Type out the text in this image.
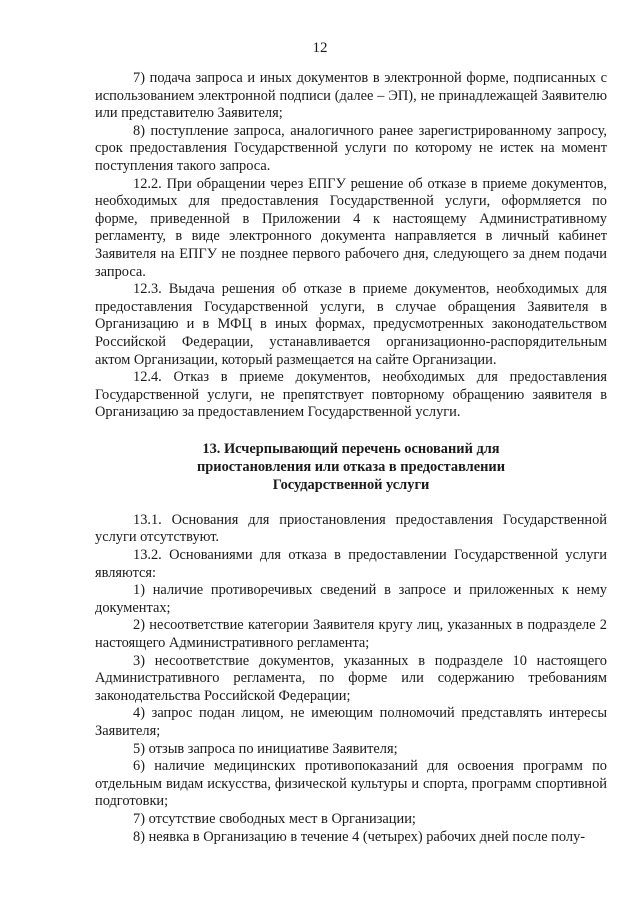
12

7) подача запроса и иных документов в электронной форме, подписанных с использованием электронной подписи (далее – ЭП), не принадлежащей Заявителю или представителю Заявителя;

8) поступление запроса, аналогичного ранее зарегистрированному запросу, срок предоставления Государственной услуги по которому не истек на момент поступления такого запроса.

12.2. При обращении через ЕПГУ решение об отказе в приеме документов, необходимых для предоставления Государственной услуги, оформляется по форме, приведенной в Приложении 4 к настоящему Административному регламенту, в виде электронного документа направляется в личный кабинет Заявителя на ЕПГУ не позднее первого рабочего дня, следующего за днем подачи запроса.

12.3. Выдача решения об отказе в приеме документов, необходимых для предоставления Государственной услуги, в случае обращения Заявителя в Организацию и в МФЦ в иных формах, предусмотренных законодательством Российской Федерации, устанавливается организационно-распорядительным актом Организации, который размещается на сайте Организации.

12.4. Отказ в приеме документов, необходимых для предоставления Государственной услуги, не препятствует повторному обращению заявителя в Организацию за предоставлением Государственной услуги.

13. Исчерпывающий перечень оснований для
приостановления или отказа в предоставлении
Государственной услуги

13.1. Основания для приостановления предоставления Государственной услуги отсутствуют.

13.2. Основаниями для отказа в предоставлении Государственной услуги являются:

1) наличие противоречивых сведений в запросе и приложенных к нему документах;

2) несоответствие категории Заявителя кругу лиц, указанных в подразделе 2 настоящего Административного регламента;

3) несоответствие документов, указанных в подразделе 10 настоящего Административного регламента, по форме или содержанию требованиям законодательства Российской Федерации;

4) запрос подан лицом, не имеющим полномочий представлять интересы Заявителя;

5) отзыв запроса по инициативе Заявителя;

6) наличие медицинских противопоказаний для освоения программ по отдельным видам искусства, физической культуры и спорта, программ спортивной подготовки;

7) отсутствие свободных мест в Организации;

8) неявка в Организацию в течение 4 (четырех) рабочих дней после полу-
